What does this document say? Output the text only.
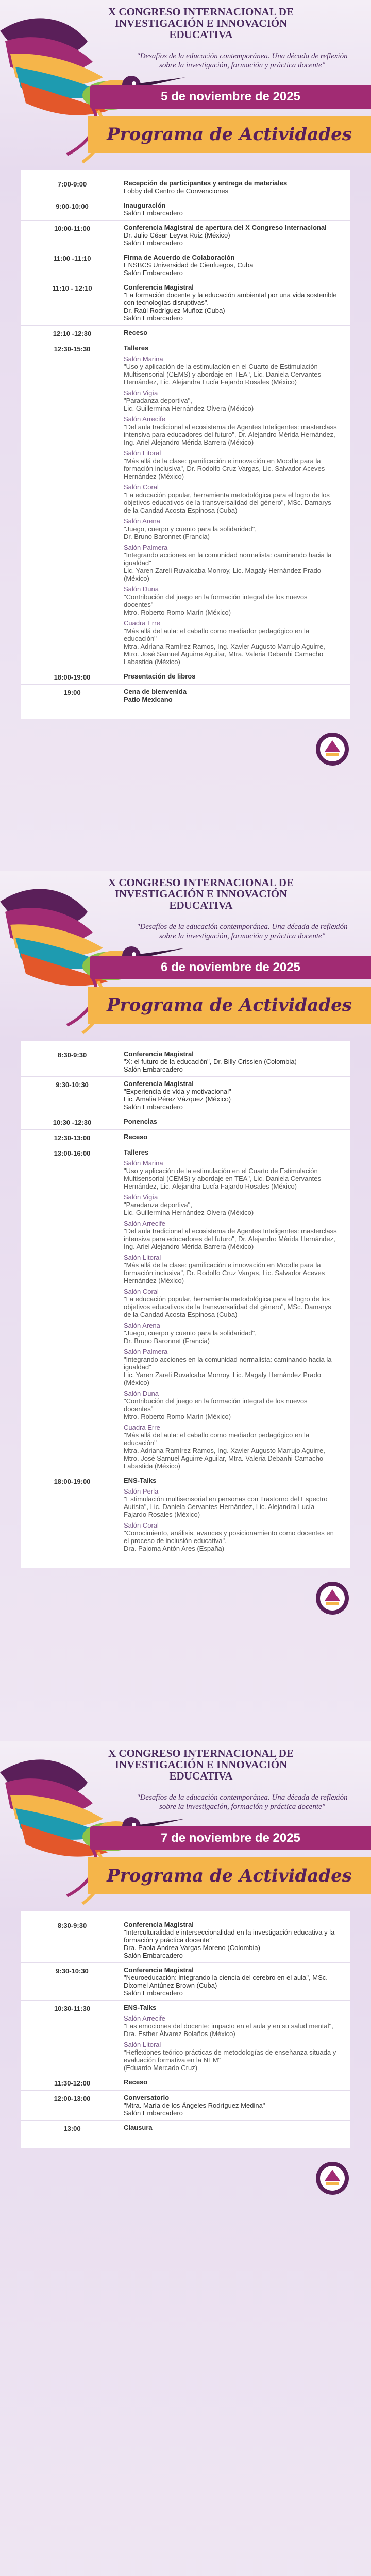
X CONGRESO INTERNACIONAL DE INVESTIGACIÓN E INNOVACIÓN EDUCATIVA
"Desafíos de la educación contemporánea. Una década de reflexión sobre la investigación, formación y práctica docente"
5 de noviembre de 2025
Programa de Actividades
7:00-9:00	Recepción de participantes y entrega de materiales
Lobby del Centro de Convenciones
9:00-10:00	Inauguración
Salón Embarcadero
10:00-11:00	Conferencia Magistral de apertura del X Congreso Internacional
Dr. Julio César Leyva Ruiz (México)
Salón Embarcadero
11:00 -11:10	Firma de Acuerdo de Colaboración
ENSBCS Universidad de Cienfuegos, Cuba
Salón Embarcadero
11:10 - 12:10	Conferencia Magistral
"La formación docente y la educación ambiental por una vida sostenible con tecnologías disruptivas",
Dr. Raúl Rodríguez Muñoz (Cuba)
Salón Embarcadero
12:10 -12:30	Receso
12:30-15:30	Talleres
Salón Marina
"Uso y aplicación de la estimulación en el Cuarto de Estimulación Multisensorial (CEMS) y abordaje en TEA", Lic. Daniela Cervantes Hernández, Lic. Alejandra Lucía Fajardo Rosales (México)
Salón Vigía
"Paradanza deportiva",
Lic. Guillermina Hernández Olvera (México)
Salón Arrecife
"Del aula tradicional al ecosistema de Agentes Inteligentes: masterclass intensiva para educadores del futuro", Dr. Alejandro Mérida Hernández, Ing. Ariel Alejandro Mérida Barrera (México)
Salón Litoral
"Más allá de la clase: gamificación e innovación en Moodle para la formación inclusiva", Dr. Rodolfo Cruz Vargas, Lic. Salvador Aceves Hernández (México)
Salón Coral
"La educación popular, herramienta metodológica para el logro de los objetivos educativos de la transversalidad del género", MSc. Damarys de la Candad Acosta Espinosa (Cuba)
Salón Arena
"Juego, cuerpo y cuento para la solidaridad",
Dr. Bruno Baronnet (Francia)
Salón Palmera
"Integrando acciones en la comunidad normalista: caminando hacia la igualdad"
Lic. Yaren Zareli Ruvalcaba Monroy, Lic. Magaly Hernández Prado (México)
Salón Duna
"Contribución del juego en la formación integral de los nuevos docentes"
Mtro. Roberto Romo Marín (México)
Cuadra Erre
"Más allá del aula: el caballo como mediador pedagógico en la educación"
Mtra. Adriana Ramírez Ramos, Ing. Xavier Augusto Marrujo Aguirre, Mtro. José Samuel Aguirre Aguilar, Mtra. Valeria Debanhi Camacho Labastida (México)
18:00-19:00	Presentación de libros
19:00	Cena de bienvenida
Patio Mexicano
X CONGRESO INTERNACIONAL DE INVESTIGACIÓN E INNOVACIÓN EDUCATIVA
"Desafíos de la educación contemporánea. Una década de reflexión sobre la investigación, formación y práctica docente"
6 de noviembre de 2025
Programa de Actividades
8:30-9:30	Conferencia Magistral
"X: el futuro de la educación", Dr. Billy Crissien (Colombia)
Salón Embarcadero
9:30-10:30	Conferencia Magistral
"Experiencia de vida y motivacional"
Lic. Amalia Pérez Vázquez (México)
Salón Embarcadero
10:30 -12:30	Ponencias
12:30-13:00	Receso
13:00-16:00	Talleres
Salón Marina
"Uso y aplicación de la estimulación en el Cuarto de Estimulación Multisensorial (CEMS) y abordaje en TEA", Lic. Daniela Cervantes Hernández, Lic. Alejandra Lucía Fajardo Rosales (México)
Salón Vigía
"Paradanza deportiva",
Lic. Guillermina Hernández Olvera (México)
Salón Arrecife
"Del aula tradicional al ecosistema de Agentes Inteligentes: masterclass intensiva para educadores del futuro", Dr. Alejandro Mérida Hernández, Ing. Ariel Alejandro Mérida Barrera (México)
Salón Litoral
"Más allá de la clase: gamificación e innovación en Moodle para la formación inclusiva", Dr. Rodolfo Cruz Vargas, Lic. Salvador Aceves Hernández (México)
Salón Coral
"La educación popular, herramienta metodológica para el logro de los objetivos educativos de la transversalidad del género", MSc. Damarys de la Candad Acosta Espinosa (Cuba)
Salón Arena
"Juego, cuerpo y cuento para la solidaridad",
Dr. Bruno Baronnet (Francia)
Salón Palmera
"Integrando acciones en la comunidad normalista: caminando hacia la igualdad"
Lic. Yaren Zareli Ruvalcaba Monroy, Lic. Magaly Hernández Prado (México)
Salón Duna
"Contribución del juego en la formación integral de los nuevos docentes"
Mtro. Roberto Romo Marín (México)
Cuadra Erre
"Más allá del aula: el caballo como mediador pedagógico en la educación"
Mtra. Adriana Ramírez Ramos, Ing. Xavier Augusto Marrujo Aguirre, Mtro. José Samuel Aguirre Aguilar, Mtra. Valeria Debanhi Camacho Labastida (México)
18:00-19:00	ENS-Talks
Salón Perla
"Estimulación multisensorial en personas con Trastorno del Espectro Autista", Lic. Daniela Cervantes Hernández, Lic. Alejandra Lucía Fajardo Rosales (México)
Salón Coral
"Conocimiento, análisis, avances y posicionamiento como docentes en el proceso de inclusión educativa".
Dra. Paloma Antón Ares (España)
X CONGRESO INTERNACIONAL DE INVESTIGACIÓN E INNOVACIÓN EDUCATIVA
"Desafíos de la educación contemporánea. Una década de reflexión sobre la investigación, formación y práctica docente"
7 de noviembre de 2025
Programa de Actividades
8:30-9:30	Conferencia Magistral
"Interculturalidad e interseccionalidad en la investigación educativa y la formación y práctica docente"
Dra. Paola Andrea Vargas Moreno (Colombia)
Salón Embarcadero
9:30-10:30	Conferencia Magistral
"Neuroeducación: integrando la ciencia del cerebro en el aula", MSc. Dixomel Antúnez Brown (Cuba)
Salón Embarcadero
10:30-11:30	ENS-Talks
Salón Arrecife
"Las emociones del docente: impacto en el aula y en su salud mental", Dra. Esther Álvarez Bolaños (México)
Salón Litoral
"Reflexiones teórico-prácticas de metodologías de enseñanza situada y evaluación formativa en la NEM"
(Eduardo Mercado Cruz)
11:30-12:00	Receso
12:00-13:00	Conversatorio
"Mtra. María de los Ángeles Rodríguez Medina"
Salón Embarcadero
13:00	Clausura
